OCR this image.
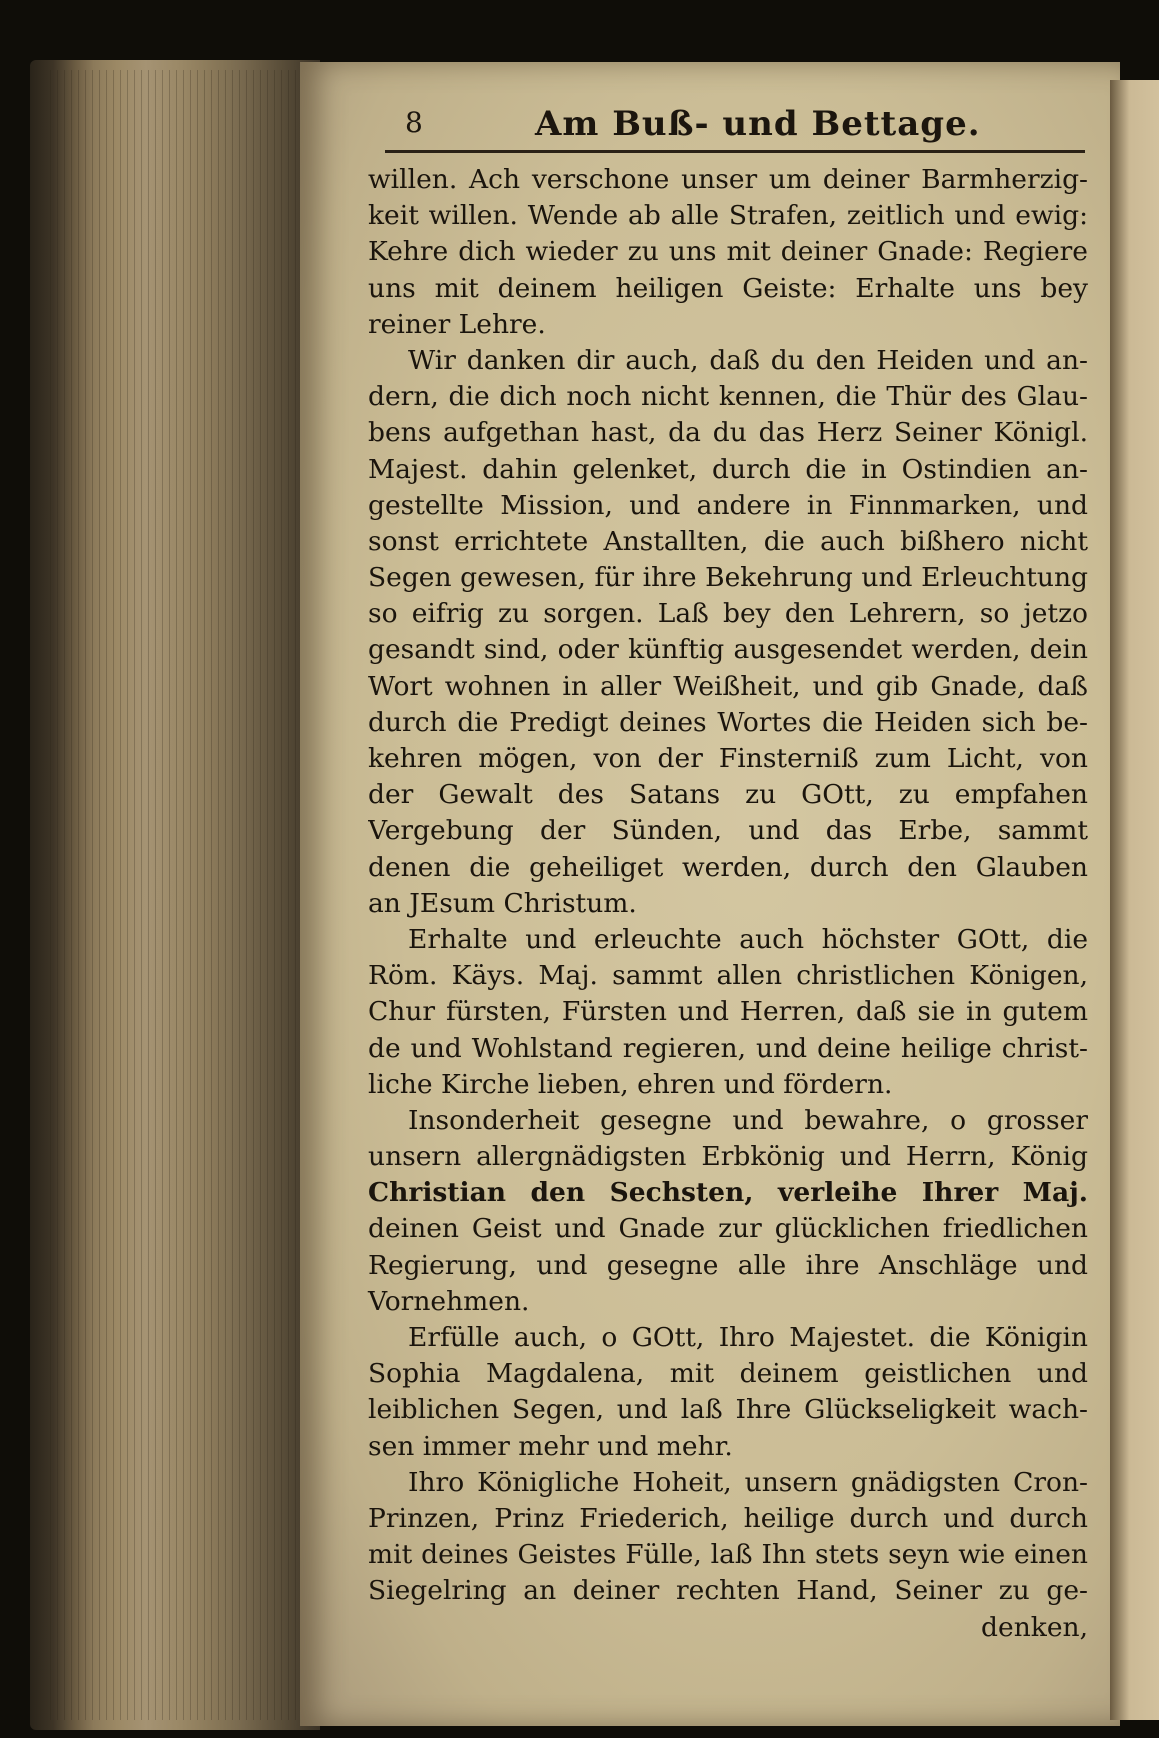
8	Am Buß- und Bettage.
willen. Ach verschone unser um deiner Barmherzig-
keit willen. Wende ab alle Strafen, zeitlich und ewig:
Kehre dich wieder zu uns mit deiner Gnade: Regiere
uns mit deinem heiligen Geiste: Erhalte uns bey
reiner Lehre.
Wir danken dir auch, daß du den Heiden und an-
dern, die dich noch nicht kennen, die Thür des Glau-
bens aufgethan hast, da du das Herz Seiner Königl.
Majest. dahin gelenket, durch die in Ostindien an-
gestellte Mission, und andere in Finnmarken, und
sonst errichtete Anstallten, die auch bißhero nicht
Segen gewesen, für ihre Bekehrung und Erleuchtung
so eifrig zu sorgen. Laß bey den Lehrern, so jetzo
gesandt sind, oder künftig ausgesendet werden, dein
Wort wohnen in aller Weißheit, und gib Gnade, daß
durch die Predigt deines Wortes die Heiden sich be-
kehren mögen, von der Finsterniß zum Licht, von
der Gewalt des Satans zu GOtt, zu empfahen
Vergebung der Sünden, und das Erbe, sammt
denen die geheiliget werden, durch den Glauben
an JEsum Christum.
Erhalte und erleuchte auch höchster GOtt, die
Röm. Käys. Maj. sammt allen christlichen Königen,
Chur fürsten, Fürsten und Herren, daß sie in gutem
de und Wohlstand regieren, und deine heilige christ-
liche Kirche lieben, ehren und fördern.
Insonderheit gesegne und bewahre, o grosser
unsern allergnädigsten Erbkönig und Herrn, König
Christian den Sechsten, verleihe Ihrer Maj.
deinen Geist und Gnade zur glücklichen friedlichen
Regierung, und gesegne alle ihre Anschläge und
Vornehmen.
Erfülle auch, o GOtt, Ihro Majestet. die Königin
Sophia Magdalena, mit deinem geistlichen und
leiblichen Segen, und laß Ihre Glückseligkeit wach-
sen immer mehr und mehr.
Ihro Königliche Hoheit, unsern gnädigsten Cron-
Prinzen, Prinz Friederich, heilige durch und durch
mit deines Geistes Fülle, laß Ihn stets seyn wie einen
Siegelring an deiner rechten Hand, Seiner zu ge-
denken,
